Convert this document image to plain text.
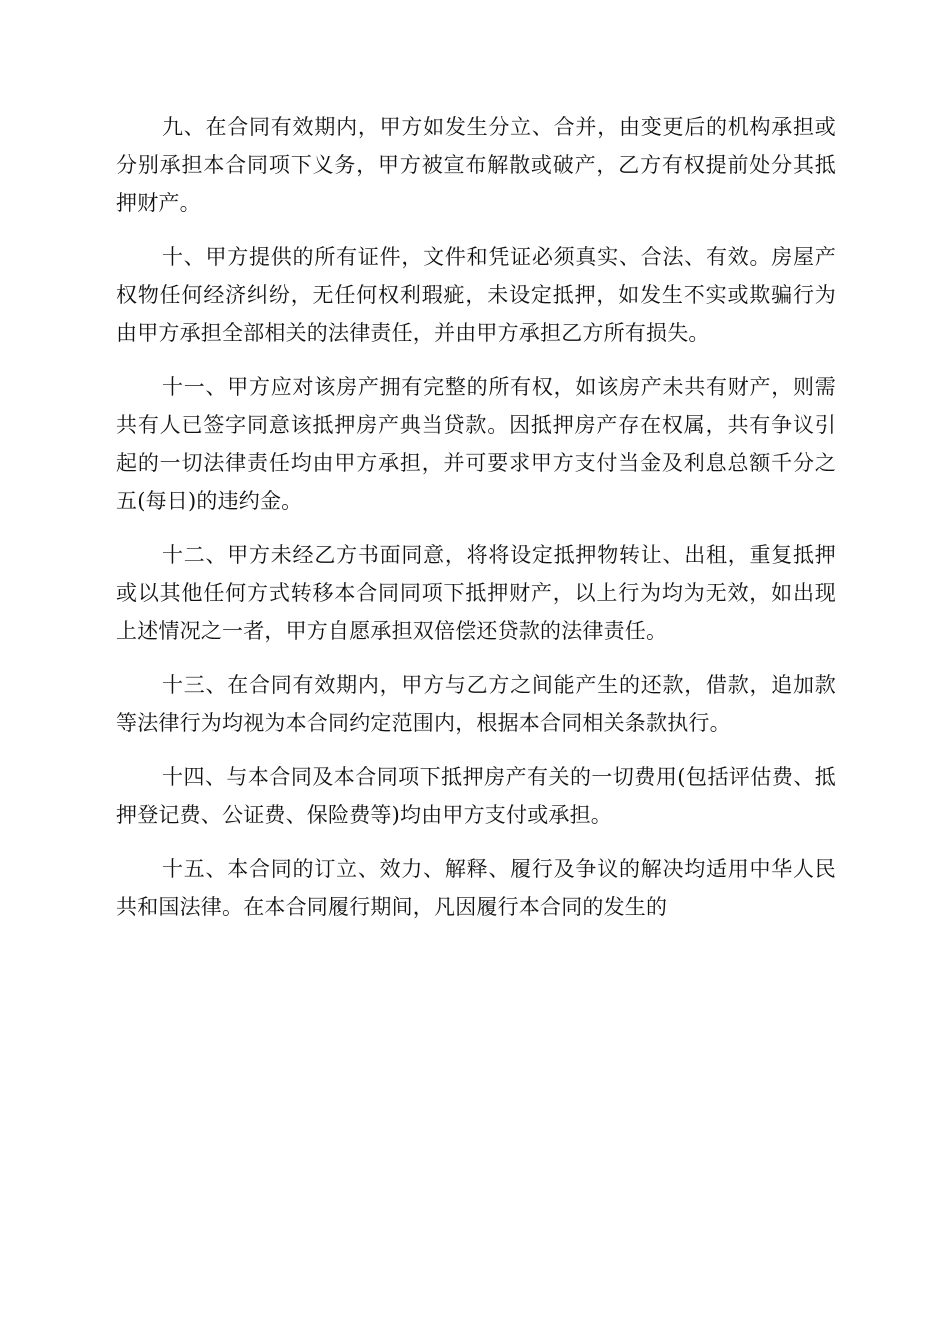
九、在合同有效期内，甲方如发生分立、合并，由变更后的机构承担或分别承担本合同项下义务，甲方被宣布解散或破产，乙方有权提前处分其抵押财产。

十、甲方提供的所有证件，文件和凭证必须真实、合法、有效。房屋产权物任何经济纠纷，无任何权利瑕疵，未设定抵押，如发生不实或欺骗行为由甲方承担全部相关的法律责任，并由甲方承担乙方所有损失。

十一、甲方应对该房产拥有完整的所有权，如该房产未共有财产，则需共有人已签字同意该抵押房产典当贷款。因抵押房产存在权属，共有争议引起的一切法律责任均由甲方承担，并可要求甲方支付当金及利息总额千分之五(每日)的违约金。

十二、甲方未经乙方书面同意，将将设定抵押物转让、出租，重复抵押或以其他任何方式转移本合同同项下抵押财产，以上行为均为无效，如出现上述情况之一者，甲方自愿承担双倍偿还贷款的法律责任。

十三、在合同有效期内，甲方与乙方之间能产生的还款，借款，追加款等法律行为均视为本合同约定范围内，根据本合同相关条款执行。

十四、与本合同及本合同项下抵押房产有关的一切费用(包括评估费、抵押登记费、公证费、保险费等)均由甲方支付或承担。

十五、本合同的订立、效力、解释、履行及争议的解决均适用中华人民共和国法律。在本合同履行期间，凡因履行本合同的发生的
